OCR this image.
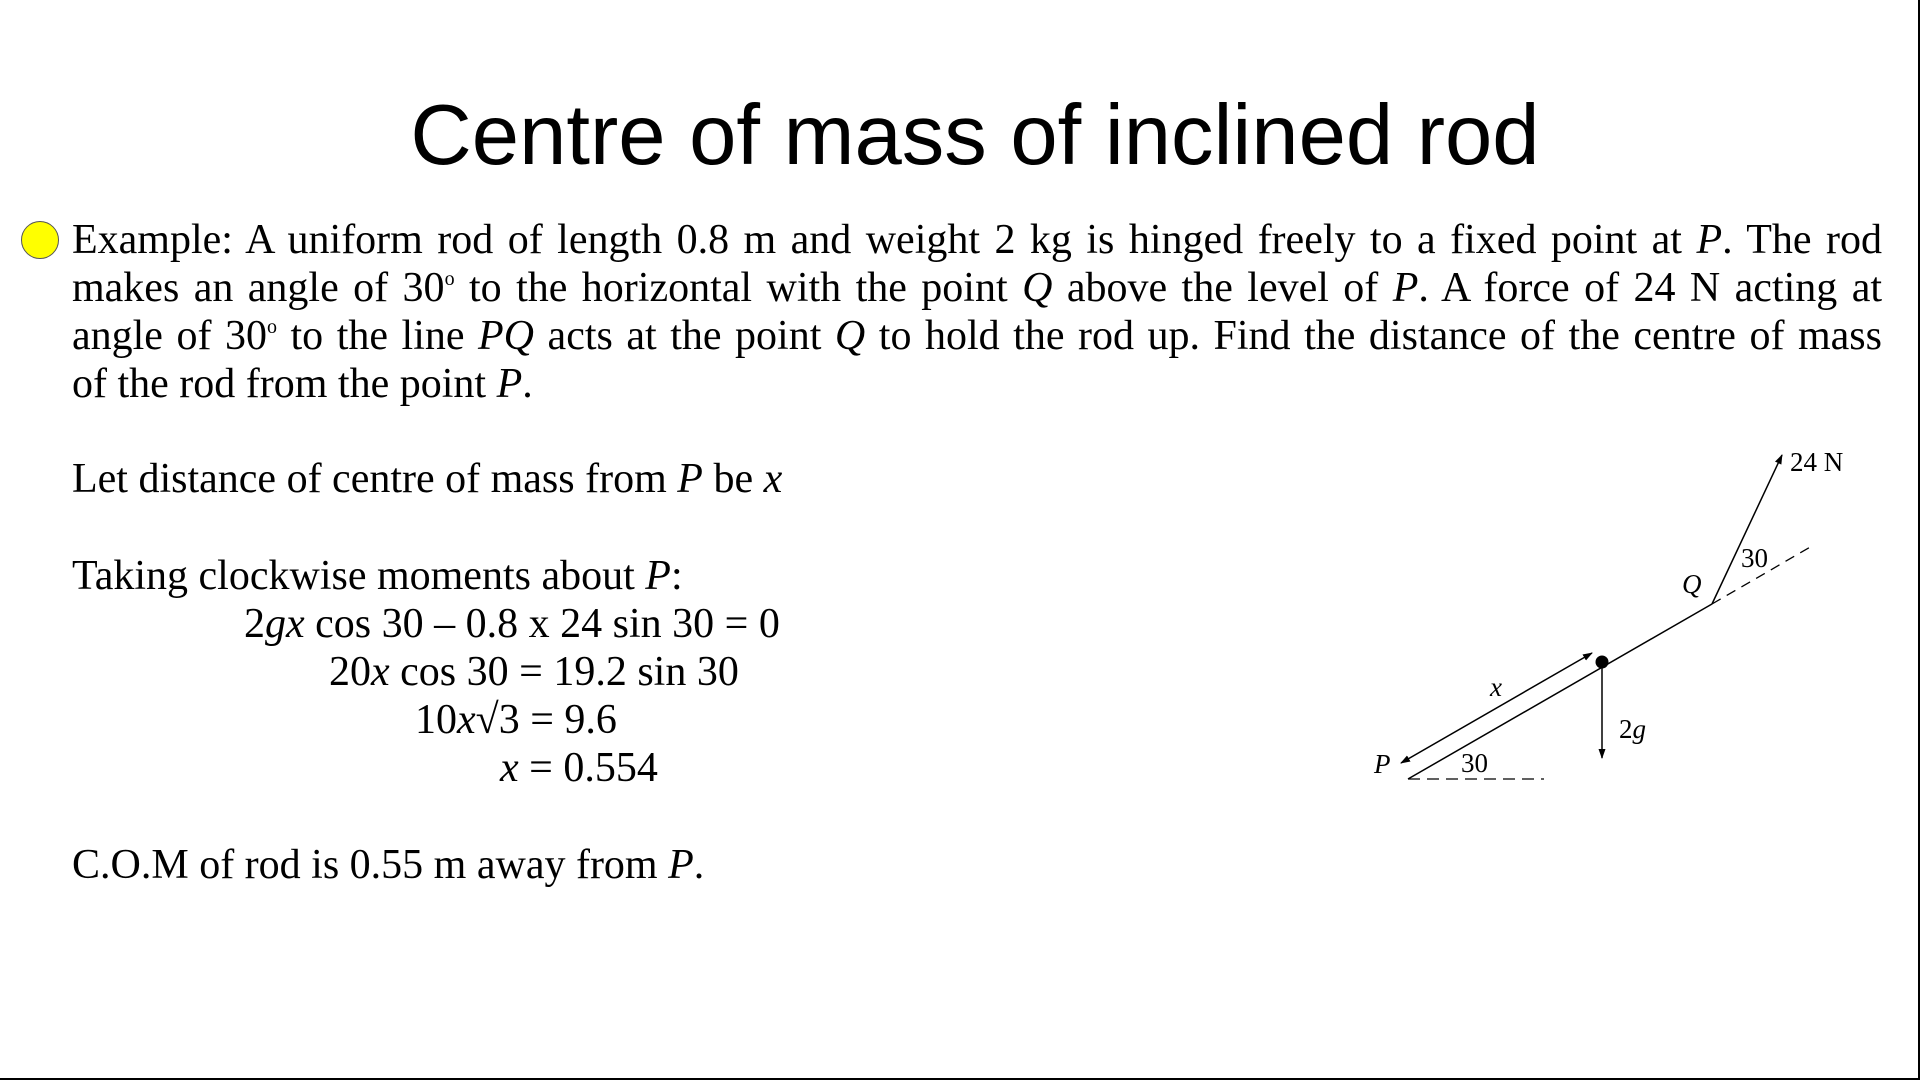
Centre of mass of inclined rod
Example: A uniform rod of length 0.8 m and weight 2 kg is hinged freely to a fixed point at P. The rod
makes an angle of 30$^o$ to the horizontal with the point Q above the level of P. A force of 24 N acting at
angle of 30$^o$ to the line PQ acts at the point Q to hold the rod up. Find the distance of the centre of mass
of the rod from the point P.
Let distance of centre of mass from P be x
Taking clockwise moments about P:
2gx cos 30 – 0.8 x 24 sin 30 = 0
20x cos 30 = 19.2 sin 30
10x√3 = 9.6
x = 0.554
C.O.M of rod is 0.55 m away from P.
24 N
30
Q
x
2g
P	30
